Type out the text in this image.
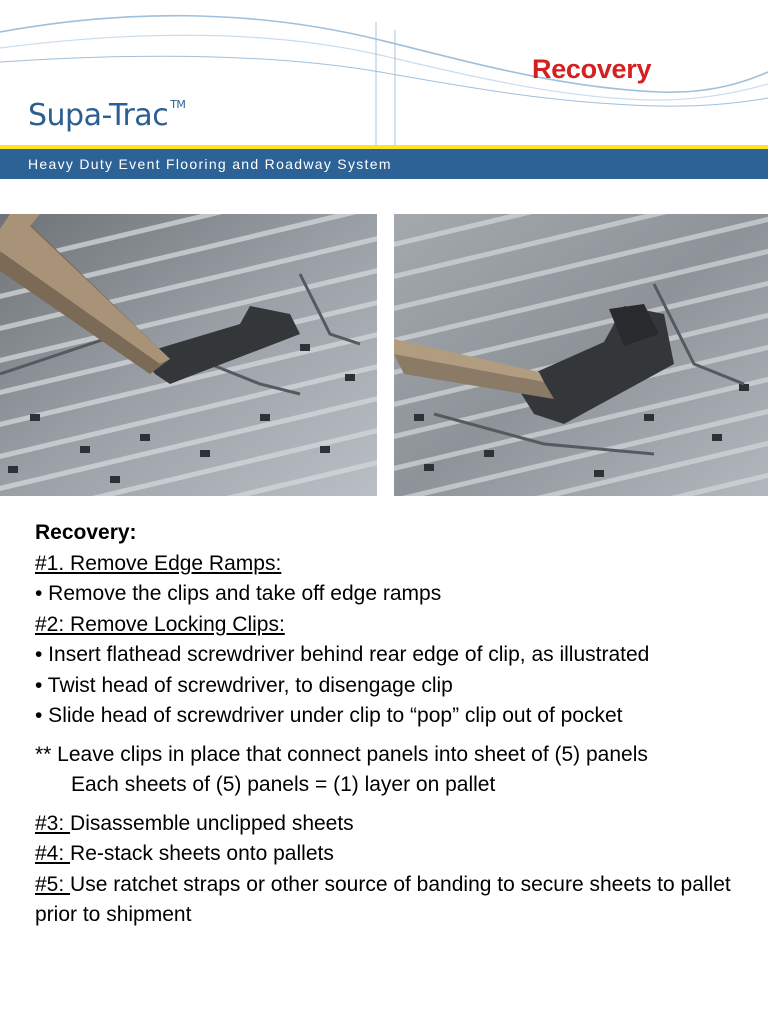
Recovery
Supa-Trac ™
Heavy Duty Event Flooring and Roadway System

Recovery:

#1. Remove Edge Ramps:

• Remove the clips and take off edge ramps

#2: Remove Locking Clips:

• Insert flathead screwdriver behind rear edge of clip, as illustrated

• Twist head of screwdriver, to disengage clip

• Slide head of screwdriver under clip to “pop” clip out of pocket

** Leave clips in place that connect panels into sheet of (5) panels

Each sheets of (5) panels = (1) layer on pallet

#3: Disassemble unclipped sheets

#4: Re-stack sheets onto pallets

#5: Use ratchet straps or other source of banding to secure sheets to pallet prior to shipment
